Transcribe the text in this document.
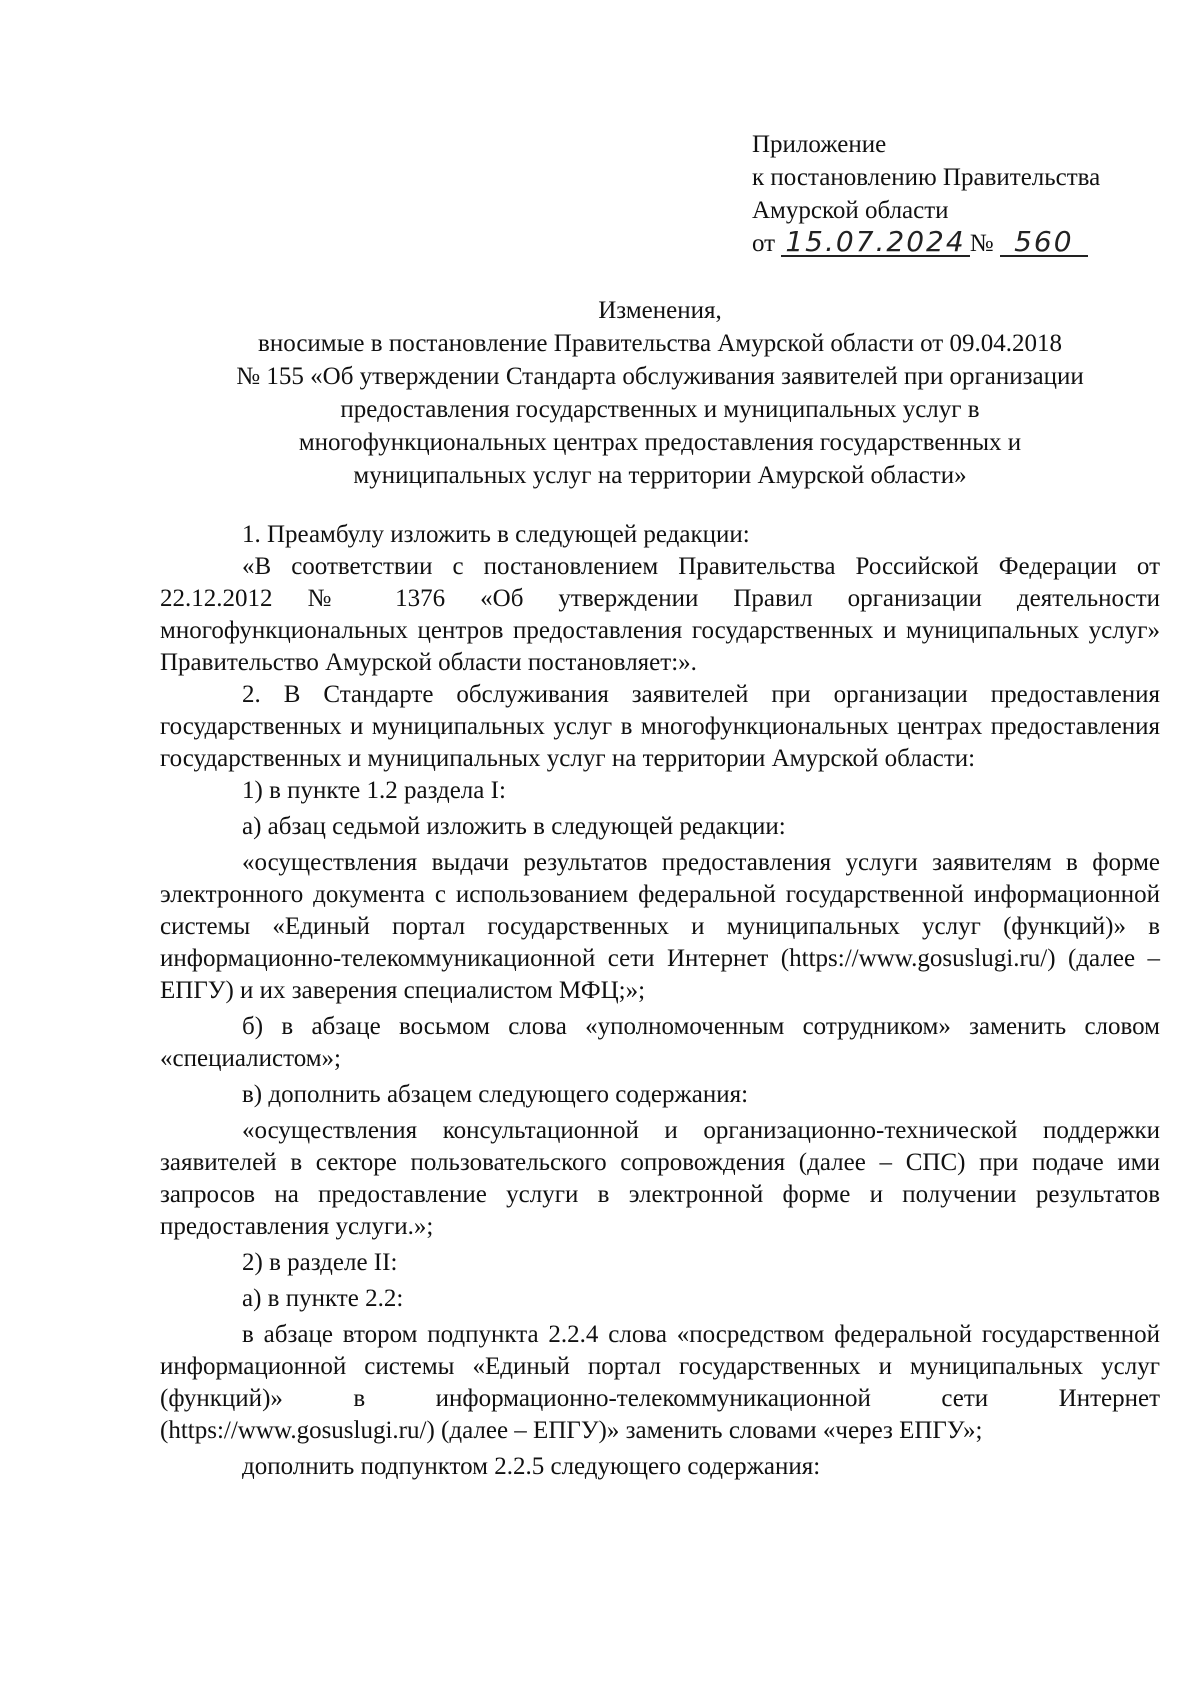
Приложение
к постановлению Правительства
Амурской области
от 15.07.2024 № 560
Изменения,
вносимые в постановление Правительства Амурской области от 09.04.2018
№ 155 «Об утверждении Стандарта обслуживания заявителей при организации
предоставления государственных и муниципальных услуг в
многофункциональных центрах предоставления государственных и
муниципальных услуг на территории Амурской области»

1. Преамбулу изложить в следующей редакции:

«В соответствии с постановлением Правительства Российской Федерации от 22.12.2012 № 1376 «Об утверждении Правил организации деятельности многофункциональных центров предоставления государственных и муниципальных услуг» Правительство Амурской области постановляет:».

2. В Стандарте обслуживания заявителей при организации предоставления государственных и муниципальных услуг в многофункциональных центрах предоставления государственных и муниципальных услуг на территории Амурской области:

1) в пункте 1.2 раздела I:

а) абзац седьмой изложить в следующей редакции:

«осуществления выдачи результатов предоставления услуги заявителям в форме электронного документа с использованием федеральной государственной информационной системы «Единый портал государственных и муниципальных услуг (функций)» в информационно-телекоммуникационной сети Интернет (https://www.gosuslugi.ru/) (далее – ЕПГУ) и их заверения специалистом МФЦ;»;

б) в абзаце восьмом слова «уполномоченным сотрудником» заменить словом «специалистом»;

в) дополнить абзацем следующего содержания:

«осуществления консультационной и организационно-технической поддержки заявителей в секторе пользовательского сопровождения (далее – СПС) при подаче ими запросов на предоставление услуги в электронной форме и получении результатов предоставления услуги.»;

2) в разделе II:

а) в пункте 2.2:

в абзаце втором подпункта 2.2.4 слова «посредством федеральной государственной информационной системы «Единый портал государственных и муниципальных услуг (функций)» в информационно-телекоммуникационной сети Интернет (https://www.gosuslugi.ru/) (далее – ЕПГУ)» заменить словами «через ЕПГУ»;

дополнить подпунктом 2.2.5 следующего содержания:
